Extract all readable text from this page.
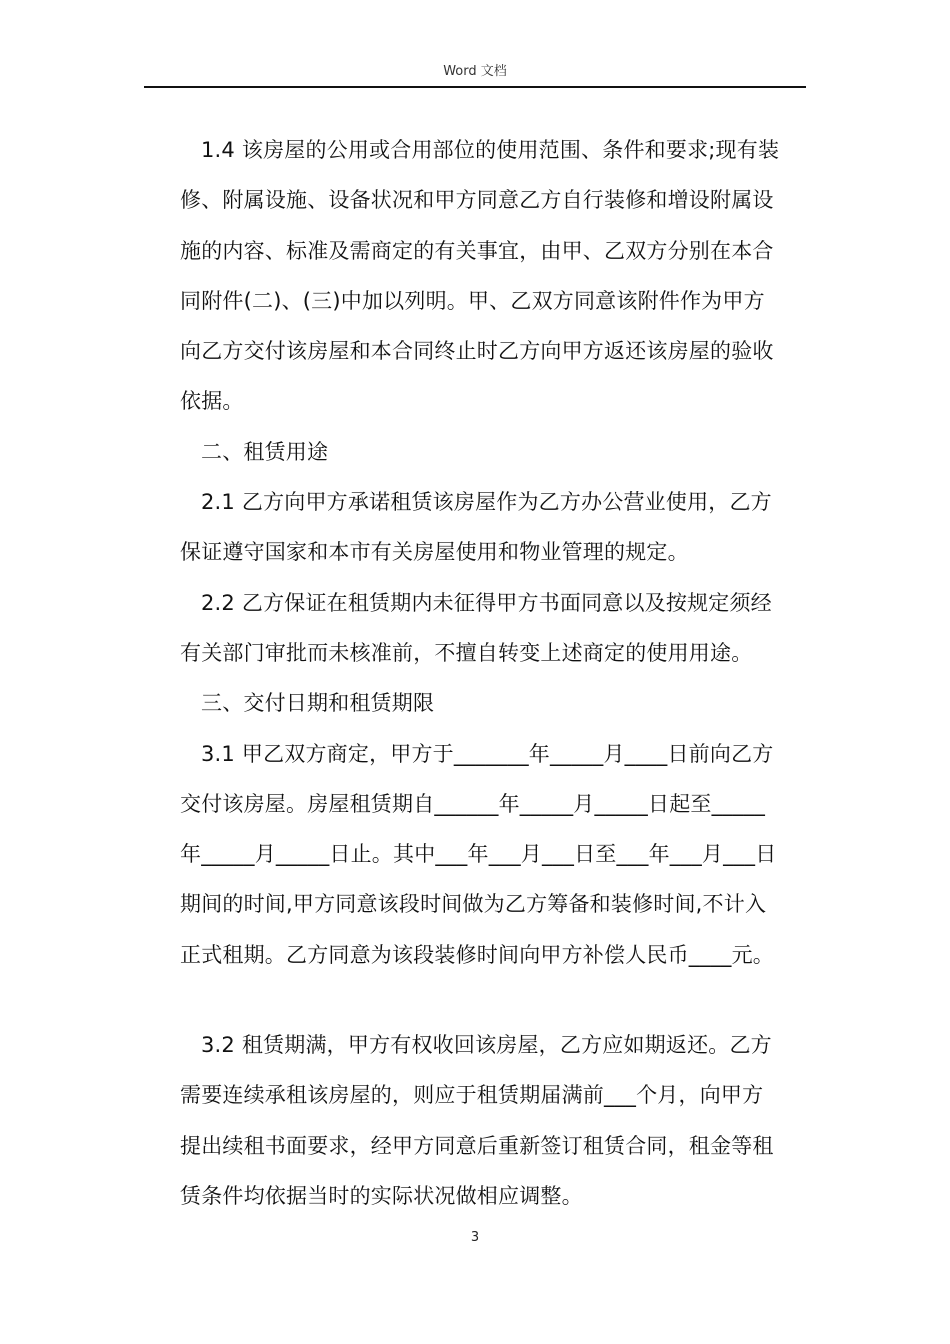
Word 文档
1.4 该房屋的公用或合用部位的使用范围、条件和要求;现有装
修、附属设施、设备状况和甲方同意乙方自行装修和增设附属设
施的内容、标准及需商定的有关事宜，由甲、乙双方分别在本合
同附件(二)、(三)中加以列明。甲、乙双方同意该附件作为甲方
向乙方交付该房屋和本合同终止时乙方向甲方返还该房屋的验收
依据。
二、租赁用途
2.1 乙方向甲方承诺租赁该房屋作为乙方办公营业使用，乙方
保证遵守国家和本市有关房屋使用和物业管理的规定。
2.2 乙方保证在租赁期内未征得甲方书面同意以及按规定须经
有关部门审批而未核准前，不擅自转变上述商定的使用用途。
三、交付日期和租赁期限
3.1 甲乙双方商定，甲方于_______年_____月____日前向乙方
交付该房屋。房屋租赁期自______年_____月_____日起至_____
年_____月_____日止。其中___年___月___日至___年___月___日
期间的时间,甲方同意该段时间做为乙方筹备和装修时间,不计入
正式租期。乙方同意为该段装修时间向甲方补偿人民币____元。
3.2 租赁期满，甲方有权收回该房屋，乙方应如期返还。乙方
需要连续承租该房屋的，则应于租赁期届满前___个月，向甲方
提出续租书面要求，经甲方同意后重新签订租赁合同，租金等租
赁条件均依据当时的实际状况做相应调整。
3
